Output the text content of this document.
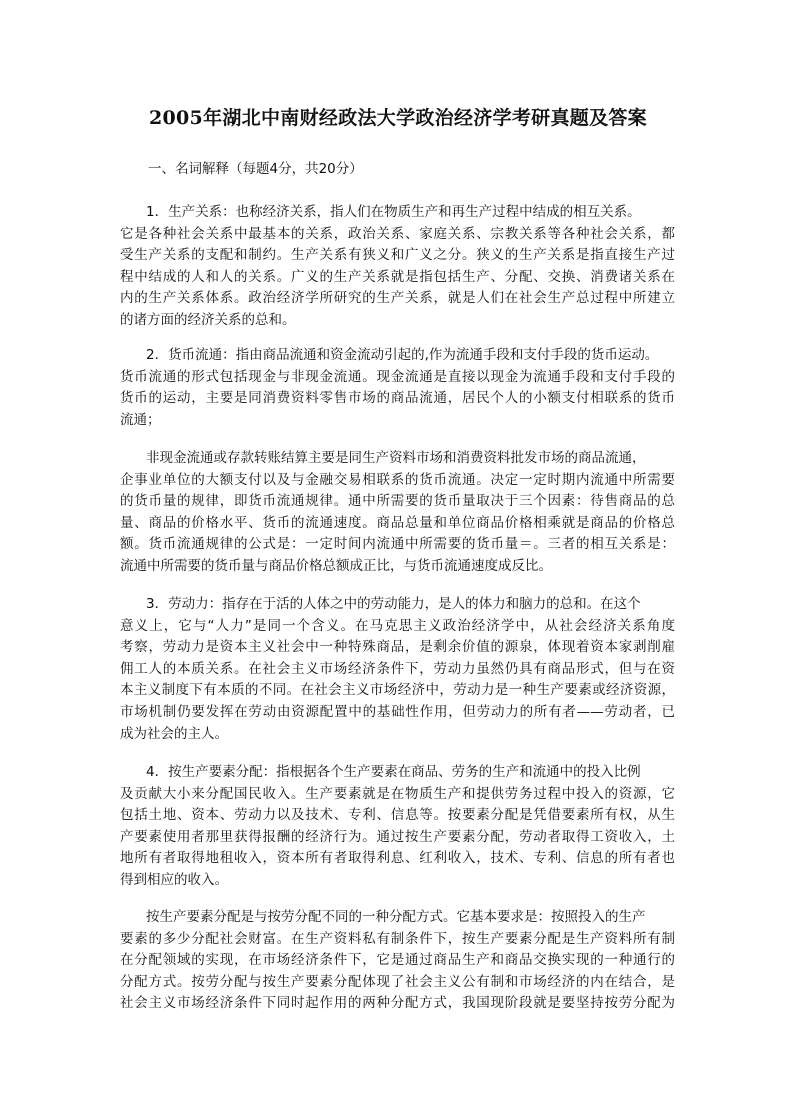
2005年湖北中南财经政法大学政治经济学考研真题及答案
一、名词解释（每题4分，共20分）
1．生产关系：也称经济关系，指人们在物质生产和再生产过程中结成的相互关系。
它是各种社会关系中最基本的关系，政治关系、家庭关系、宗教关系等各种社会关系，都
受生产关系的支配和制约。生产关系有狭义和广义之分。狭义的生产关系是指直接生产过
程中结成的人和人的关系。广义的生产关系就是指包括生产、分配、交换、消费诸关系在
内的生产关系体系。政治经济学所研究的生产关系，就是人们在社会生产总过程中所建立
的诸方面的经济关系的总和。
2．货币流通：指由商品流通和资金流动引起的,作为流通手段和支付手段的货币运动。
货币流通的形式包括现金与非现金流通。现金流通是直接以现金为流通手段和支付手段的
货币的运动，主要是同消费资料零售市场的商品流通，居民个人的小额支付相联系的货币
流通；
非现金流通或存款转账结算主要是同生产资料市场和消费资料批发市场的商品流通，
企事业单位的大额支付以及与金融交易相联系的货币流通。决定一定时期内流通中所需要
的货币量的规律，即货币流通规律。通中所需要的货币量取决于三个因素：待售商品的总
量、商品的价格水平、货币的流通速度。商品总量和单位商品价格相乘就是商品的价格总
额。货币流通规律的公式是：一定时间内流通中所需要的货币量＝。三者的相互关系是：
流通中所需要的货币量与商品价格总额成正比，与货币流通速度成反比。
3．劳动力：指存在于活的人体之中的劳动能力，是人的体力和脑力的总和。在这个
意义上，它与“人力”是同一个含义。在马克思主义政治经济学中，从社会经济关系角度
考察，劳动力是资本主义社会中一种特殊商品，是剩余价值的源泉，体现着资本家剥削雇
佣工人的本质关系。在社会主义市场经济条件下，劳动力虽然仍具有商品形式，但与在资
本主义制度下有本质的不同。在社会主义市场经济中，劳动力是一种生产要素或经济资源，
市场机制仍要发挥在劳动由资源配置中的基础性作用，但劳动力的所有者——劳动者，已
成为社会的主人。
4．按生产要素分配：指根据各个生产要素在商品、劳务的生产和流通中的投入比例
及贡献大小来分配国民收入。生产要素就是在物质生产和提供劳务过程中投入的资源，它
包括土地、资本、劳动力以及技术、专利、信息等。按要素分配是凭借要素所有权，从生
产要素使用者那里获得报酬的经济行为。通过按生产要素分配，劳动者取得工资收入，土
地所有者取得地租收入，资本所有者取得利息、红利收入，技术、专利、信息的所有者也
得到相应的收入。
按生产要素分配是与按劳分配不同的一种分配方式。它基本要求是：按照投入的生产
要素的多少分配社会财富。在生产资料私有制条件下，按生产要素分配是生产资料所有制
在分配领域的实现，在市场经济条件下，它是通过商品生产和商品交换实现的一种通行的
分配方式。按劳分配与按生产要素分配体现了社会主义公有制和市场经济的内在结合，是
社会主义市场经济条件下同时起作用的两种分配方式，我国现阶段就是要坚持按劳分配为
